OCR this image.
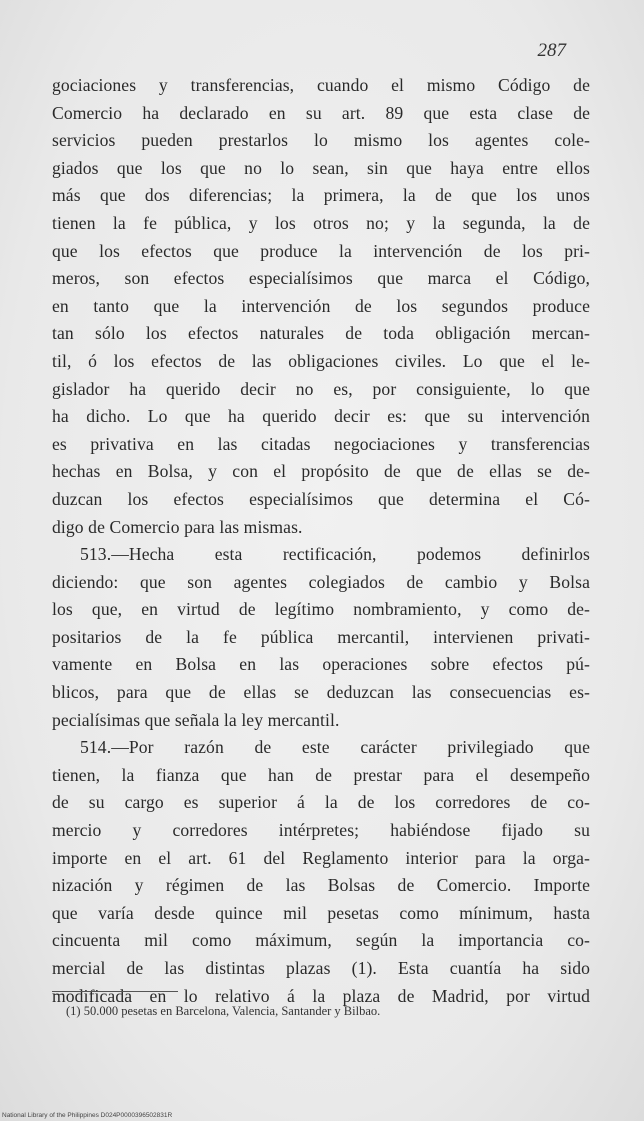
287
gociaciones y transferencias, cuando el mismo Código de
Comercio ha declarado en su art. 89 que esta clase de
servicios pueden prestarlos lo mismo los agentes cole-
giados que los que no lo sean, sin que haya entre ellos
más que dos diferencias; la primera, la de que los unos
tienen la fe pública, y los otros no; y la segunda, la de
que los efectos que produce la intervención de los pri-
meros, son efectos especialísimos que marca el Código,
en tanto que la intervención de los segundos produce
tan sólo los efectos naturales de toda obligación mercan-
til, ó los efectos de las obligaciones civiles. Lo que el le-
gislador ha querido decir no es, por consiguiente, lo que
ha dicho. Lo que ha querido decir es: que su intervención
es privativa en las citadas negociaciones y transferencias
hechas en Bolsa, y con el propósito de que de ellas se de-
duzcan los efectos especialísimos que determina el Có-
digo de Comercio para las mismas.
513.—Hecha esta rectificación, podemos definirlos
diciendo: que son agentes colegiados de cambio y Bolsa
los que, en virtud de legítimo nombramiento, y como de-
positarios de la fe pública mercantil, intervienen privati-
vamente en Bolsa en las operaciones sobre efectos pú-
blicos, para que de ellas se deduzcan las consecuencias es-
pecialísimas que señala la ley mercantil.
514.—Por razón de este carácter privilegiado que
tienen, la fianza que han de prestar para el desempeño
de su cargo es superior á la de los corredores de co-
mercio y corredores intérpretes; habiéndose fijado su
importe en el art. 61 del Reglamento interior para la orga-
nización y régimen de las Bolsas de Comercio. Importe
que varía desde quince mil pesetas como mínimum, hasta
cincuenta mil como máximum, según la importancia co-
mercial de las distintas plazas (1). Esta cuantía ha sido
modificada en lo relativo á la plaza de Madrid, por virtud
(1) 50.000 pesetas en Barcelona, Valencia, Santander y Bilbao.
National Library of the Philippines D024P0000396502831R
